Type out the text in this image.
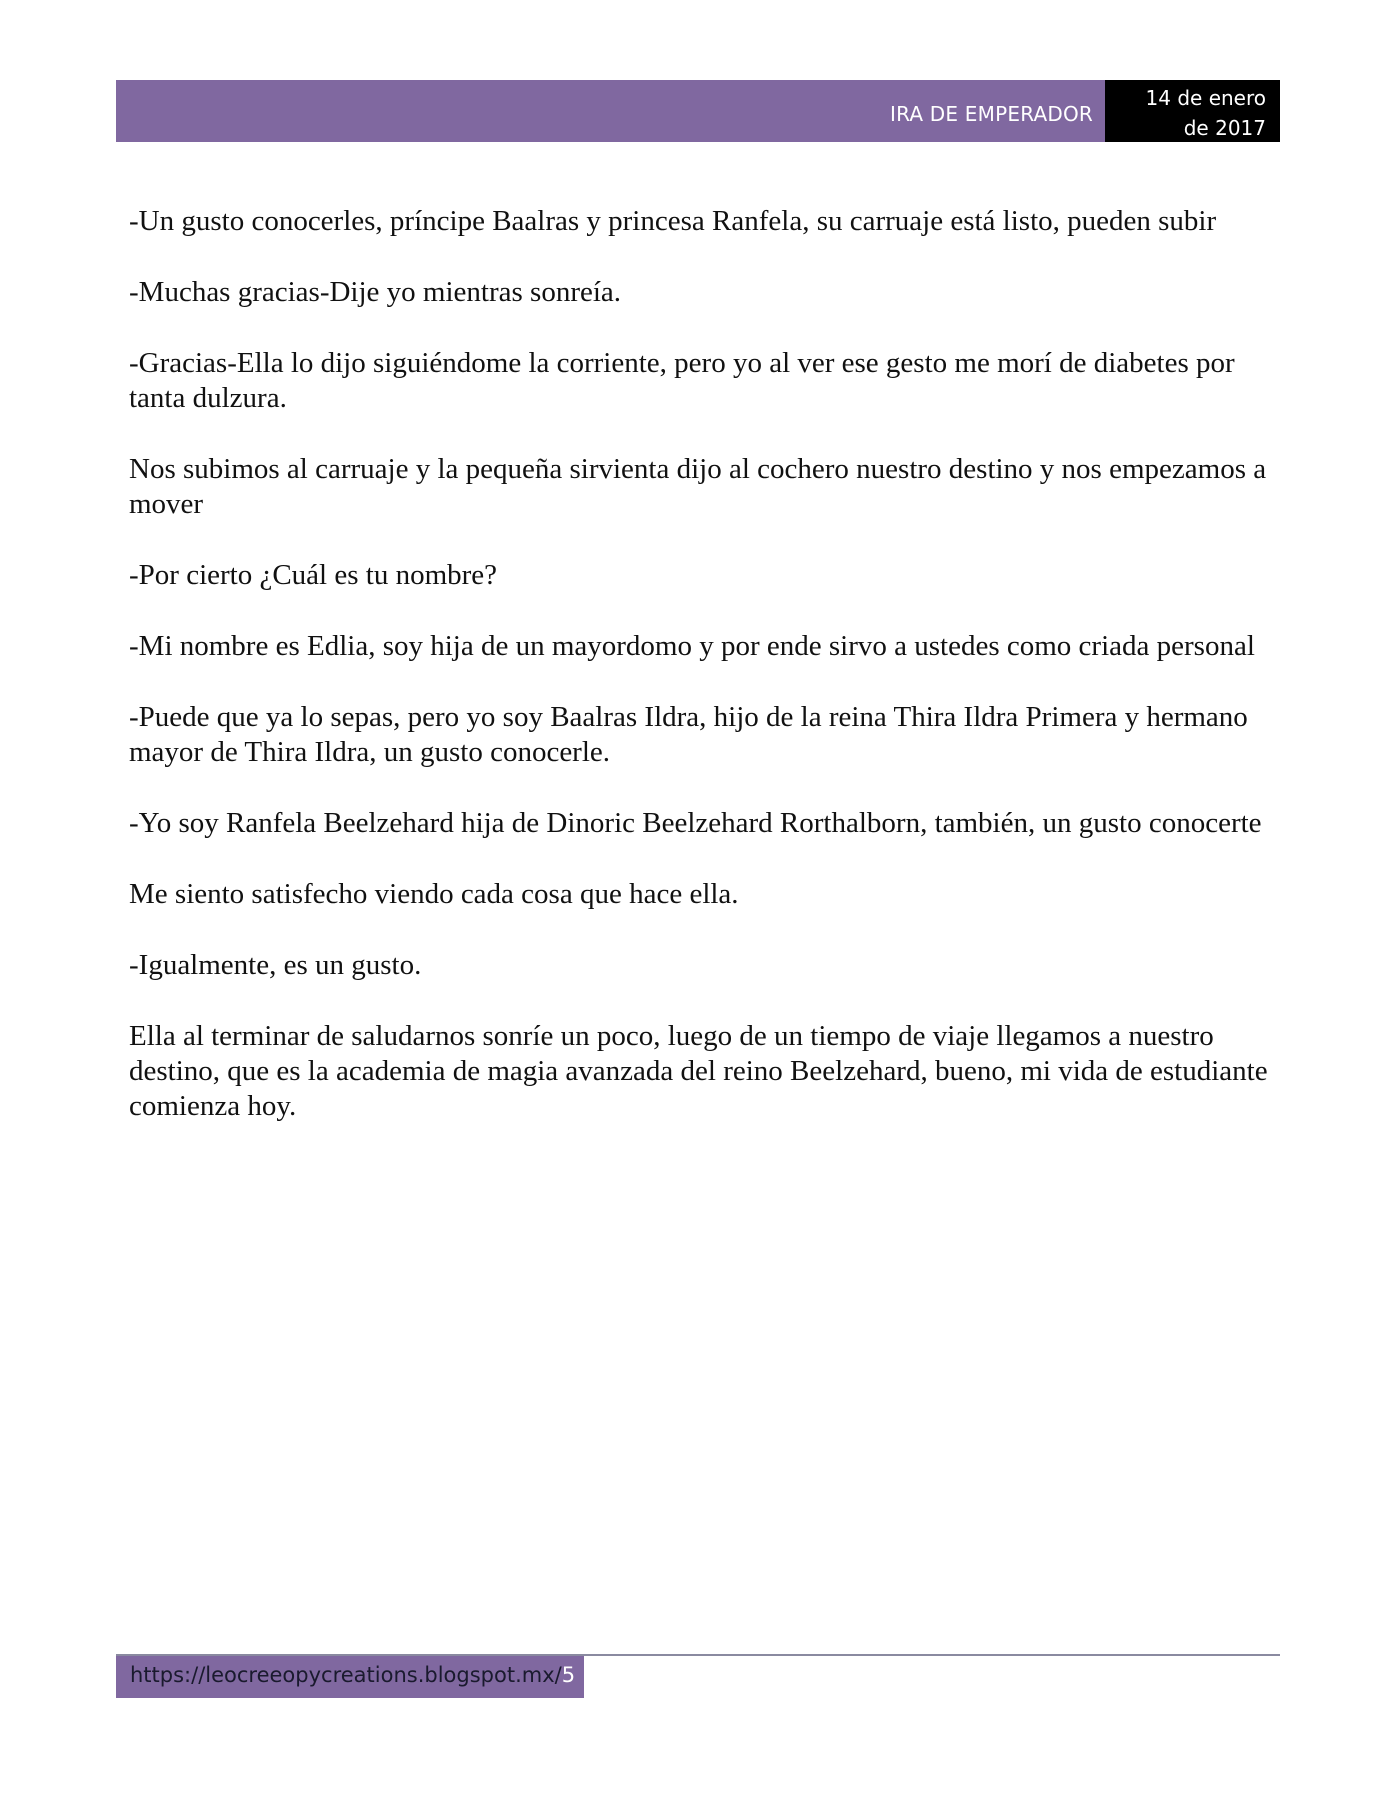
IRA DE EMPERADOR
14 de enero
de 2017

-Un gusto conocerles, príncipe Baalras y princesa Ranfela, su carruaje está listo, pueden subir

-Muchas gracias-Dije yo mientras sonreía.

-Gracias-Ella lo dijo siguiéndome la corriente, pero yo al ver ese gesto me morí de diabetes por tanta dulzura.

Nos subimos al carruaje y la pequeña sirvienta dijo al cochero nuestro destino y nos empezamos a mover

-Por cierto ¿Cuál es tu nombre?

-Mi nombre es Edlia, soy hija de un mayordomo y por ende sirvo a ustedes como criada personal

-Puede que ya lo sepas, pero yo soy Baalras Ildra, hijo de la reina Thira Ildra Primera y hermano mayor de Thira Ildra, un gusto conocerle.

-Yo soy Ranfela Beelzehard hija de Dinoric Beelzehard Rorthalborn, también, un gusto conocerte

Me siento satisfecho viendo cada cosa que hace ella.

-Igualmente, es un gusto.

Ella al terminar de saludarnos sonríe un poco, luego de un tiempo de viaje llegamos a nuestro destino, que es la academia de magia avanzada del reino Beelzehard, bueno, mi vida de estudiante comienza hoy.

https://leocreeopycreations.blogspot.mx/5
